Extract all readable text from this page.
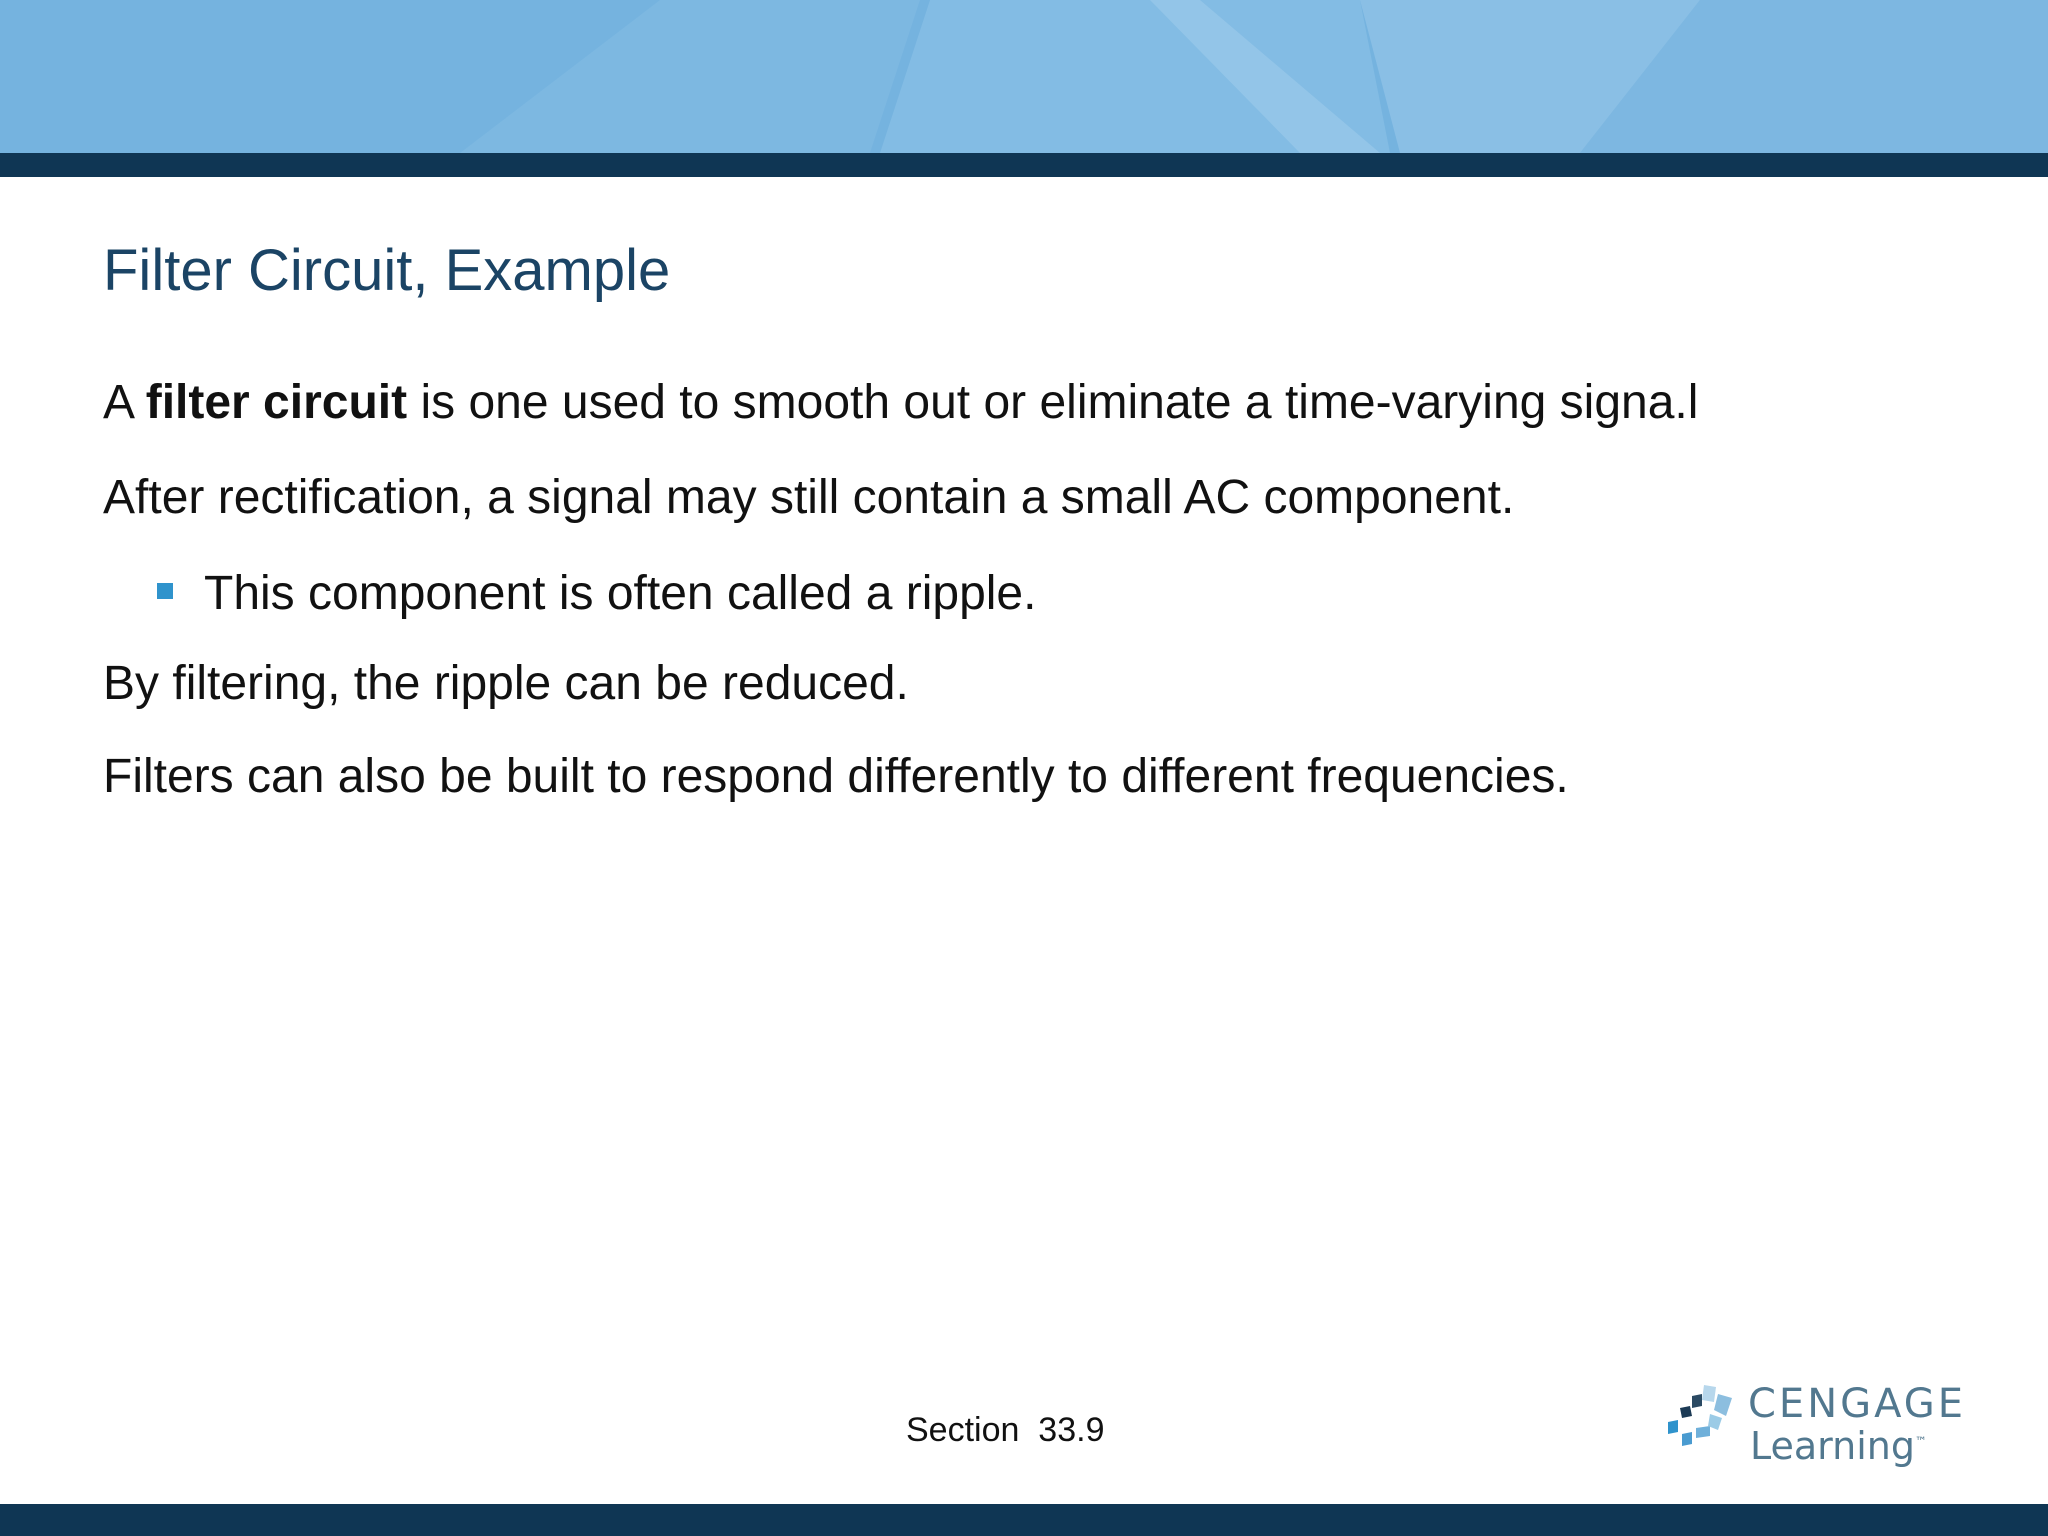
Filter Circuit, Example

A filter circuit is one used to smooth out or eliminate a time-varying signa.l

After rectification, a signal may still contain a small AC component.

This component is often called a ripple.

By filtering, the ripple can be reduced.

Filters can also be built to respond differently to different frequencies.

Section  33.9
CENGAGE
Learning™
